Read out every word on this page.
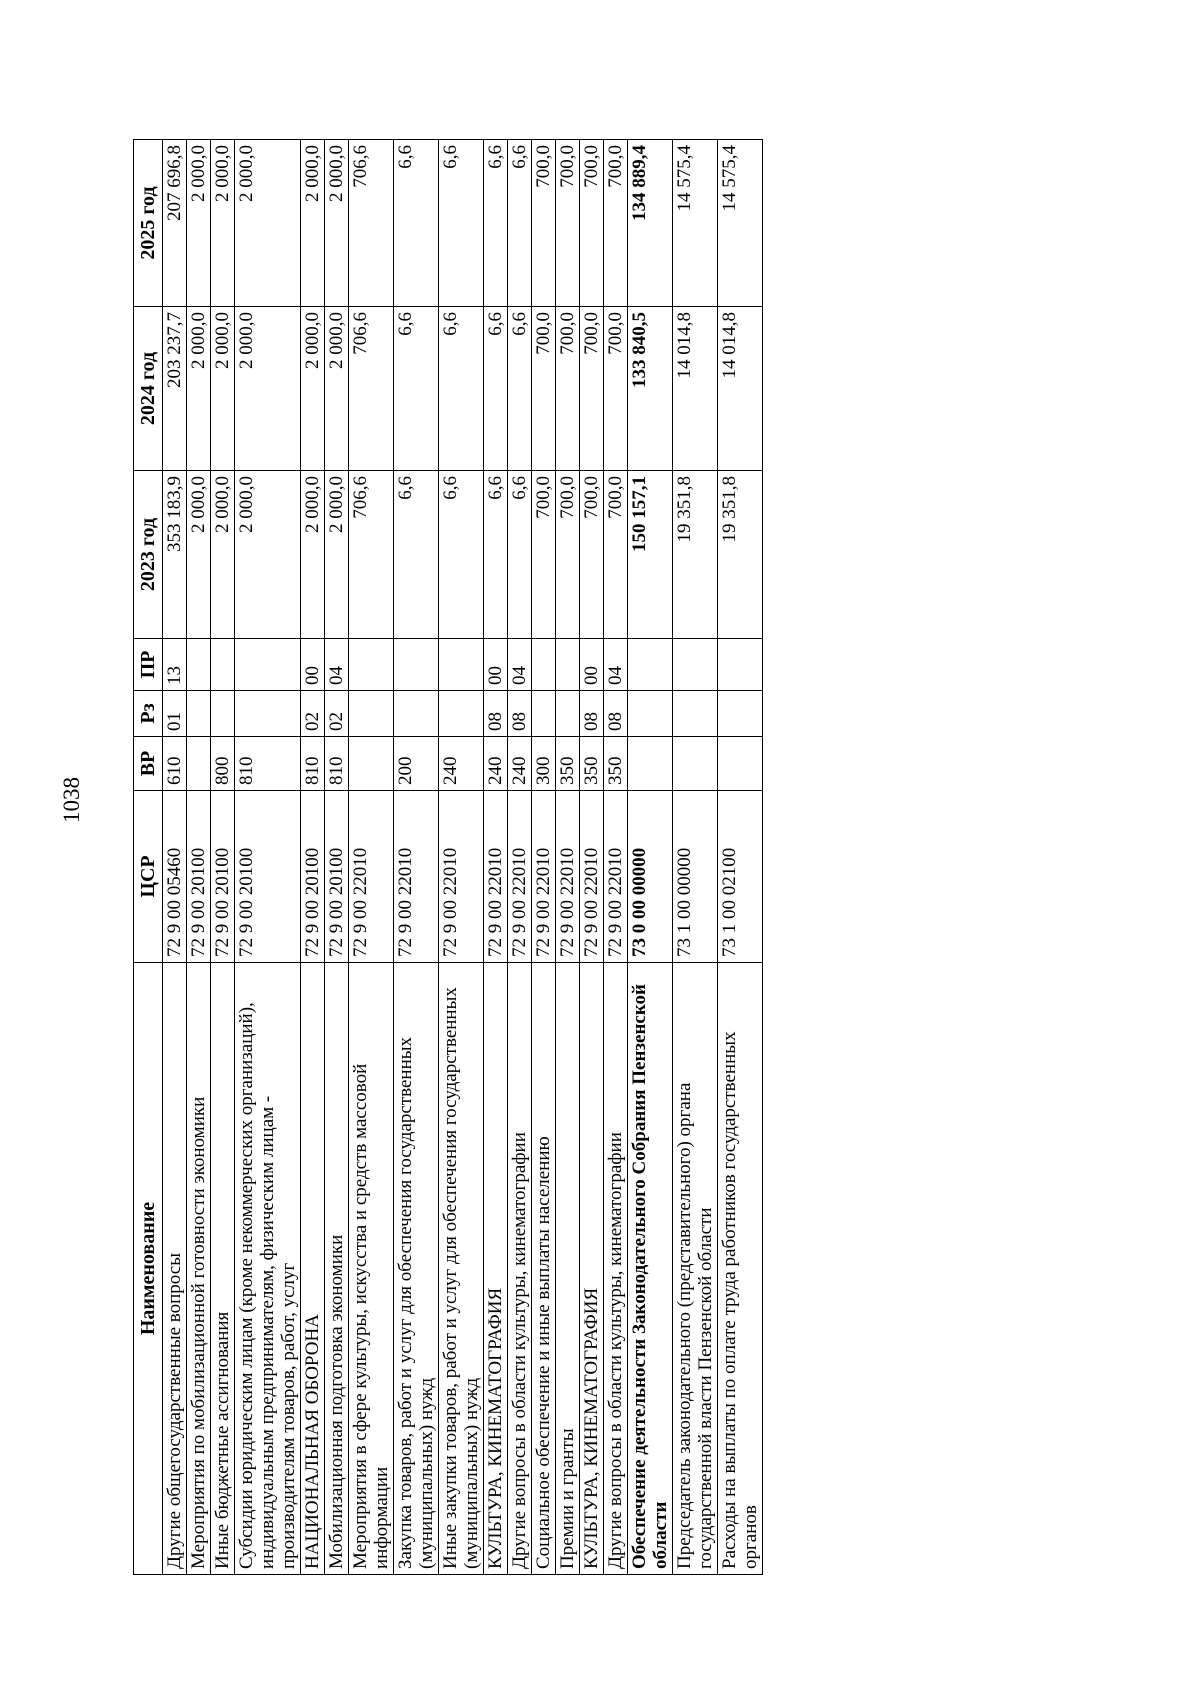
1038
Наименование	ЦСР	ВР	Рз	ПР	2023 год	2024 год	2025 год
Другие общегосударственные вопросы	72 9 00 05460	610	01	13	353 183,9	203 237,7	207 696,8
Мероприятия по мобилизационной готовности экономики	72 9 00 20100				2 000,0	2 000,0	2 000,0
Иные бюджетные ассигнования	72 9 00 20100	800			2 000,0	2 000,0	2 000,0
Субсидии юридическим лицам (кроме некоммерческих организаций), индивидуальным предпринимателям, физическим лицам - производителям товаров, работ, услуг	72 9 00 20100	810			2 000,0	2 000,0	2 000,0
НАЦИОНАЛЬНАЯ ОБОРОНА	72 9 00 20100	810	02	00	2 000,0	2 000,0	2 000,0
Мобилизационная подготовка экономики	72 9 00 20100	810	02	04	2 000,0	2 000,0	2 000,0
Мероприятия в сфере культуры, искусства и средств массовой информации	72 9 00 22010				706,6	706,6	706,6
Закупка товаров, работ и услуг для обеспечения государственных (муниципальных) нужд	72 9 00 22010	200			6,6	6,6	6,6
Иные закупки товаров, работ и услуг для обеспечения государственных (муниципальных) нужд	72 9 00 22010	240			6,6	6,6	6,6
КУЛЬТУРА, КИНЕМАТОГРАФИЯ	72 9 00 22010	240	08	00	6,6	6,6	6,6
Другие вопросы в области культуры, кинематографии	72 9 00 22010	240	08	04	6,6	6,6	6,6
Социальное обеспечение и иные выплаты населению	72 9 00 22010	300			700,0	700,0	700,0
Премии и гранты	72 9 00 22010	350			700,0	700,0	700,0
КУЛЬТУРА, КИНЕМАТОГРАФИЯ	72 9 00 22010	350	08	00	700,0	700,0	700,0
Другие вопросы в области культуры, кинематографии	72 9 00 22010	350	08	04	700,0	700,0	700,0
Обеспечение деятельности Законодательного Собрания Пензенской области	73 0 00 00000				150 157,1	133 840,5	134 889,4
Председатель законодательного (представительного) органа государственной власти Пензенской области	73 1 00 00000				19 351,8	14 014,8	14 575,4
Расходы на выплаты по оплате труда работников государственных органов	73 1 00 02100				19 351,8	14 014,8	14 575,4
